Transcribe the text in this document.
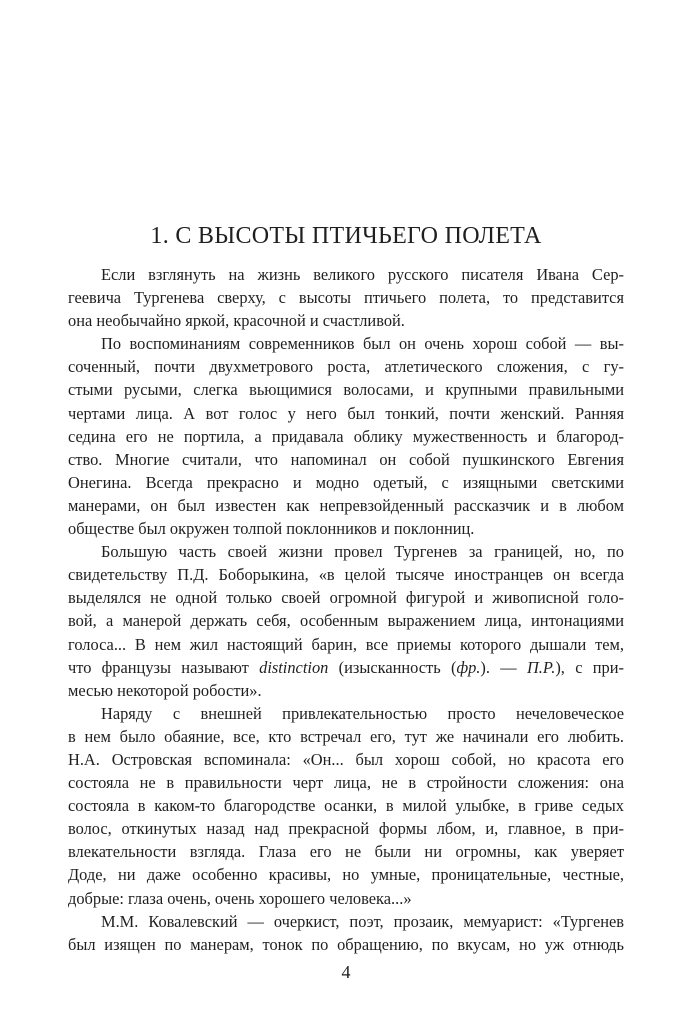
1. С ВЫСОТЫ ПТИЧЬЕГО ПОЛЕТА
Если взглянуть на жизнь великого русского писателя Ивана Сер-
геевича Тургенева сверху, с высоты птичьего полета, то представится
она необычайно яркой, красочной и счастливой.
По воспоминаниям современников был он очень хорош собой — вы-
соченный, почти двухметрового роста, атлетического сложения, с гу-
стыми русыми, слегка вьющимися волосами, и крупными правильными
чертами лица. А вот голос у него был тонкий, почти женский. Ранняя
седина его не портила, а придавала облику мужественность и благород-
ство. Многие считали, что напоминал он собой пушкинского Евгения
Онегина. Всегда прекрасно и модно одетый, с изящными светскими
манерами, он был известен как непревзойденный рассказчик и в любом
обществе был окружен толпой поклонников и поклонниц.
Большую часть своей жизни провел Тургенев за границей, но, по
свидетельству П.Д. Боборыкина, «в целой тысяче иностранцев он всегда
выделялся не одной только своей огромной фигурой и живописной голо-
вой, а манерой держать себя, особенным выражением лица, интонациями
голоса... В нем жил настоящий барин, все приемы которого дышали тем,
что французы называют distinction (изысканность (фр.). — П.Р.), с при-
месью некоторой робости».
Наряду с внешней привлекательностью просто нечеловеческое
в нем было обаяние, все, кто встречал его, тут же начинали его любить.
Н.А. Островская вспоминала: «Он... был хорош собой, но красота его
состояла не в правильности черт лица, не в стройности сложения: она
состояла в каком-то благородстве осанки, в милой улыбке, в гриве седых
волос, откинутых назад над прекрасной формы лбом, и, главное, в при-
влекательности взгляда. Глаза его не были ни огромны, как уверяет
Доде, ни даже особенно красивы, но умные, проницательные, честные,
добрые: глаза очень, очень хорошего человека...»
М.М. Ковалевский — очеркист, поэт, прозаик, мемуарист: «Тургенев
был изящен по манерам, тонок по обращению, по вкусам, но уж отнюдь
4
